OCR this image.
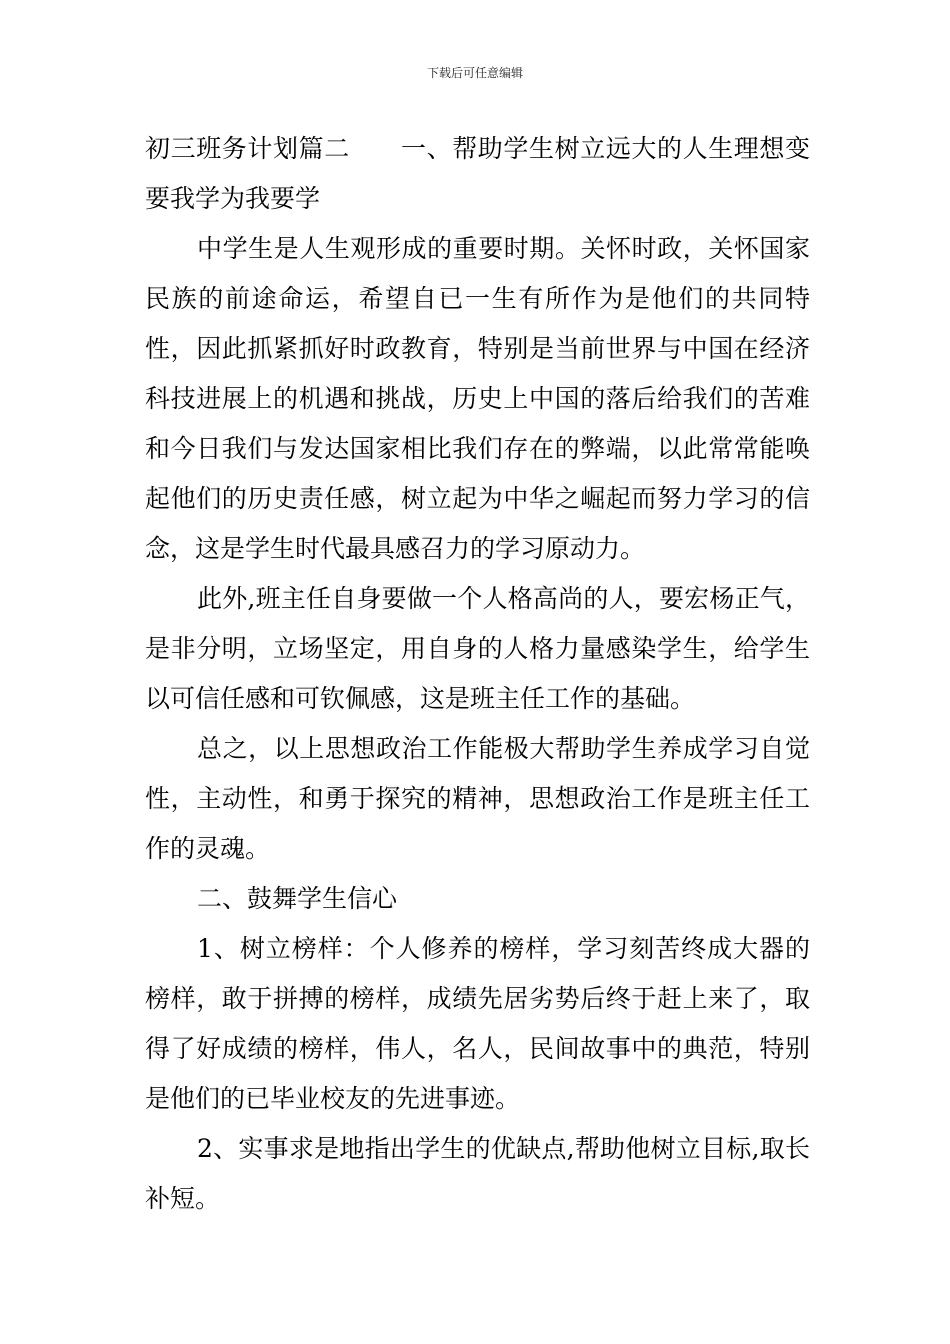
下载后可任意编辑

初三班务计划篇二　　一、帮助学生树立远大的人生理想变要我学为我要学

中学生是人生观形成的重要时期。关怀时政，关怀国家民族的前途命运，希望自已一生有所作为是他们的共同特性，因此抓紧抓好时政教育，特别是当前世界与中国在经济科技进展上的机遇和挑战，历史上中国的落后给我们的苦难和今日我们与发达国家相比我们存在的弊端，以此常常能唤起他们的历史责任感，树立起为中华之崛起而努力学习的信念，这是学生时代最具感召力的学习原动力。

此外,班主任自身要做一个人格高尚的人，要宏杨正气，是非分明，立场坚定，用自身的人格力量感染学生，给学生以可信任感和可钦佩感，这是班主任工作的基础。

总之，以上思想政治工作能极大帮助学生养成学习自觉性，主动性，和勇于探究的精神，思想政治工作是班主任工作的灵魂。

二、鼓舞学生信心

1、树立榜样：个人修养的榜样，学习刻苦终成大器的榜样，敢于拼搏的榜样，成绩先居劣势后终于赶上来了，取得了好成绩的榜样，伟人，名人，民间故事中的典范，特别是他们的已毕业校友的先进事迹。

2、实事求是地指出学生的优缺点,帮助他树立目标,取长补短。
